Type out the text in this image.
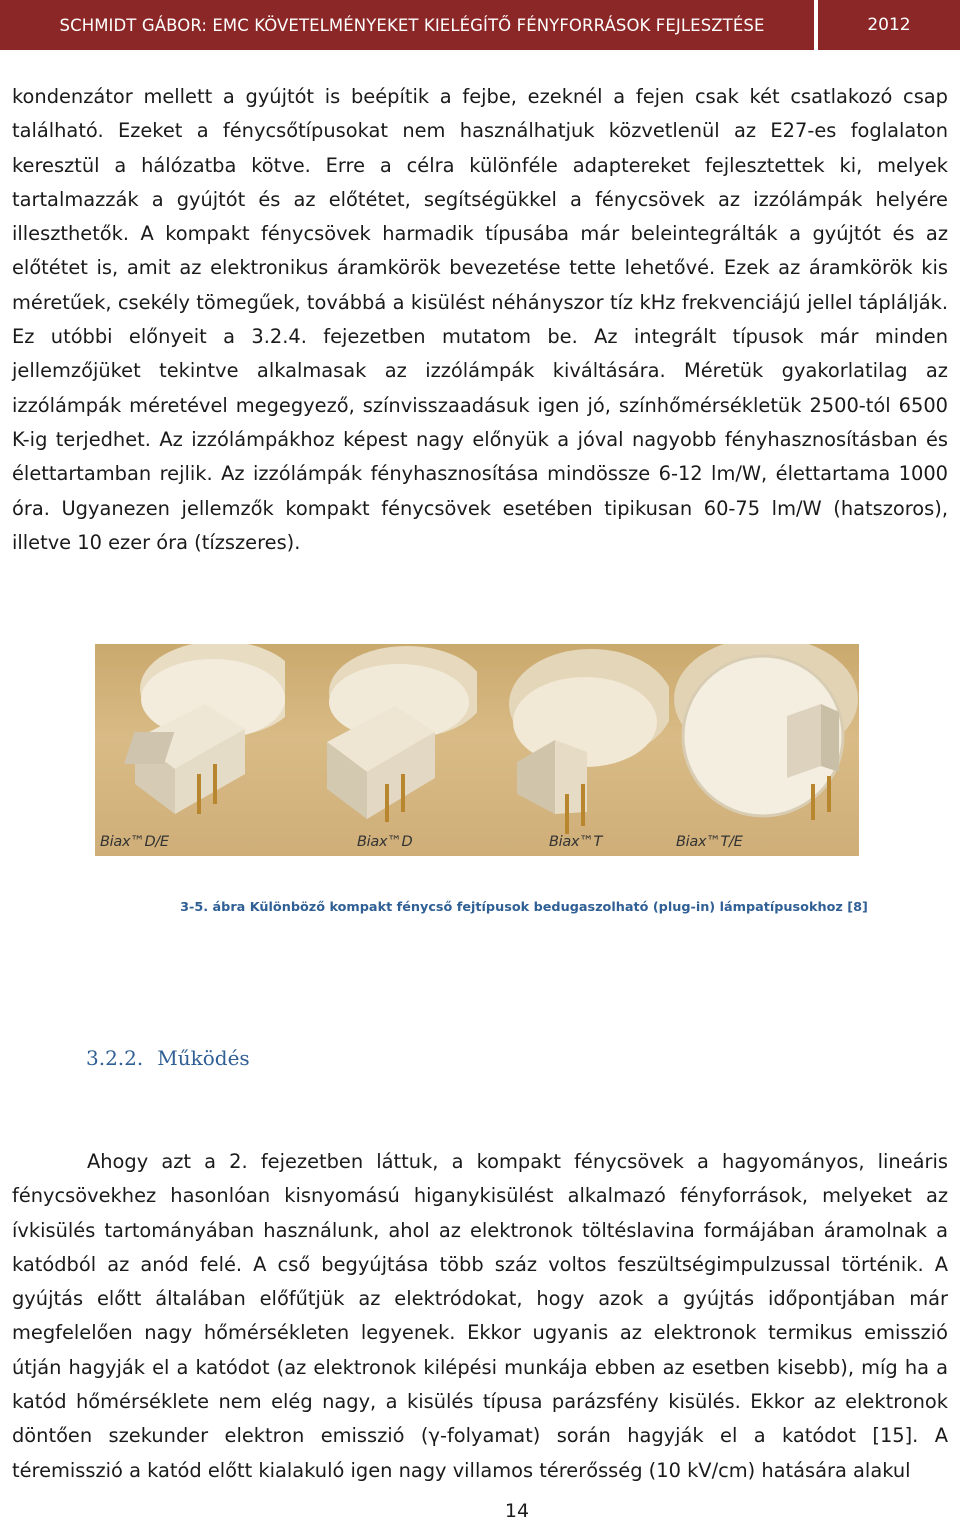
SCHMIDT GÁBOR: EMC KÖVETELMÉNYEKET KIELÉGÍTŐ FÉNYFORRÁSOK FEJLESZTÉSE	2012

kondenzátor mellett a gyújtót is beépítik a fejbe, ezeknél a fejen csak két csatlakozó csap található. Ezeket a fénycsőtípusokat nem használhatjuk közvetlenül az E27-es foglalaton keresztül a hálózatba kötve. Erre a célra különféle adaptereket fejlesztettek ki, melyek tartalmazzák a gyújtót és az előtétet, segítségükkel a fénycsövek az izzólámpák helyére illeszthetők. A kompakt fénycsövek harmadik típusába már beleintegrálták a gyújtót és az előtétet is, amit az elektronikus áramkörök bevezetése tette lehetővé. Ezek az áramkörök kis méretűek, csekély tömegűek, továbbá a kisülést néhányszor tíz kHz frekvenciájú jellel táplálják. Ez utóbbi előnyeit a 3.2.4. fejezetben mutatom be. Az integrált típusok már minden jellemzőjüket tekintve alkalmasak az izzólámpák kiváltására. Méretük gyakorlatilag az izzólámpák méretével megegyező, színvisszaadásuk igen jó, színhőmérsékletük 2500-tól 6500 K-ig terjedhet. Az izzólámpákhoz képest nagy előnyük a jóval nagyobb fényhasznosításban és élettartamban rejlik. Az izzólámpák fényhasznosítása mindössze 6-12 lm/W, élettartama 1000 óra. Ugyanezen jellemzők kompakt fénycsövek esetében tipikusan 60-75 lm/W (hatszoros), illetve 10 ezer óra (tízszeres).

Biax™D/E	Biax™D	Biax™T	Biax™T/E
3-5. ábra Különböző kompakt fénycső fejtípusok bedugaszolható (plug-in) lámpatípusokhoz [8]
3.2.2. Működés

Ahogy azt a 2. fejezetben láttuk, a kompakt fénycsövek a hagyományos, lineáris fénycsövekhez hasonlóan kisnyomású higanykisülést alkalmazó fényforrások, melyeket az ívkisülés tartományában használunk, ahol az elektronok töltéslavina formájában áramolnak a katódból az anód felé. A cső begyújtása több száz voltos feszültségimpulzussal történik. A gyújtás előtt általában előfűtjük az elektródokat, hogy azok a gyújtás időpontjában már megfelelően nagy hőmérsékleten legyenek. Ekkor ugyanis az elektronok termikus emisszió útján hagyják el a katódot (az elektronok kilépési munkája ebben az esetben kisebb), míg ha a katód hőmérséklete nem elég nagy, a kisülés típusa parázsfény kisülés. Ekkor az elektronok döntően szekunder elektron emisszió (γ-folyamat) során hagyják el a katódot [15]. A téremisszió a katód előtt kialakuló igen nagy villamos térerősség (10 kV/cm) hatására alakul

14
